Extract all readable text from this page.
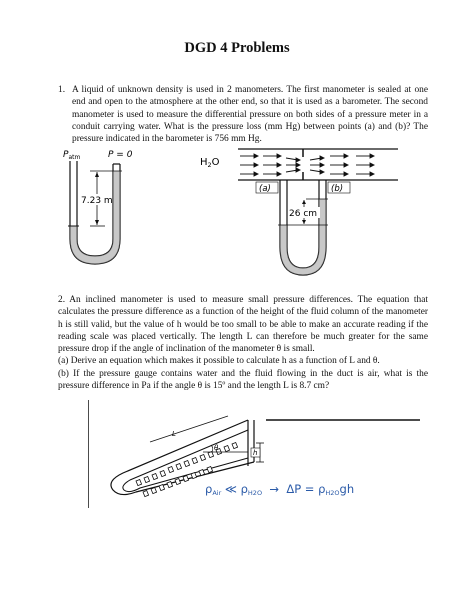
DGD 4 Problems
1. A liquid of unknown density is used in 2 manometers. The first manometer is sealed at one end and open to the atmosphere at the other end, so that it is used as a barometer. The second manometer is used to measure the differential pressure on both sides of a pressure meter in a conduit carrying water. What is the pressure loss (mm Hg) between points (a) and (b)? The pressure indicated in the barometer is 756 mm Hg.
$P_{atm}$	P = 0
7.23 m
$H_2O$
26 cm
(a)	(b)
2. An inclined manometer is used to measure small pressure differences. The equation that calculates the pressure difference as a function of the height of the fluid column of the manometer h is still valid, but the value of h would be too small to be able to make an accurate reading if the reading scale was placed vertically. The length L can therefore be much greater for the same pressure drop if the angle of inclination of the manometer θ is small.
(a) Derive an equation which makes it possible to calculate h as a function of L and θ.
(b) If the pressure gauge contains water and the fluid flowing in the duct is air, what is the pressure difference in Pa if the angle θ is 15º and the length L is 8.7 cm?
L
θ
h
$\rho_{Air}$ ≪ $\rho_{H2O} \to \Delta P = \rho_{H2O}gh$
